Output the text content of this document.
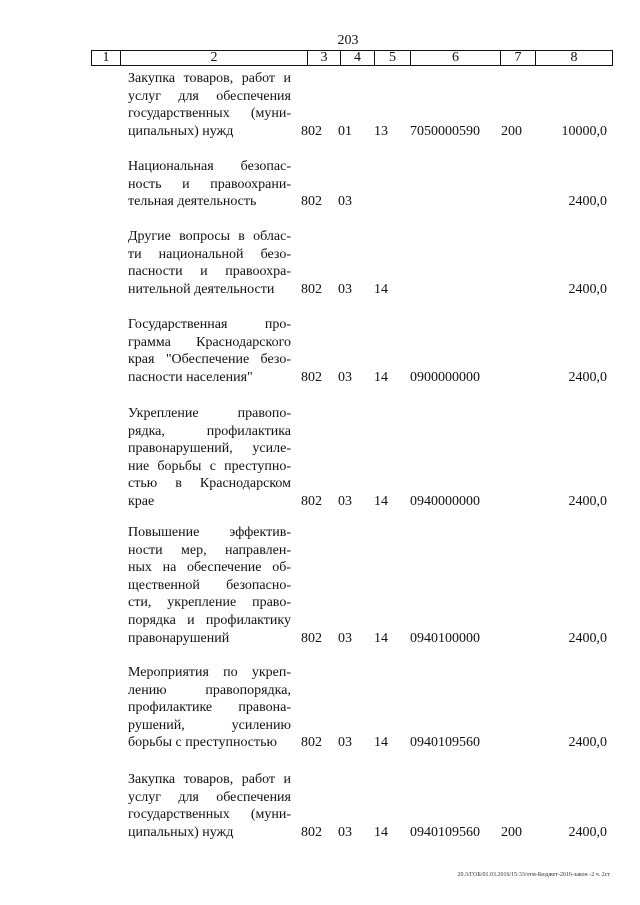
203
1	2	3	4	5	6	7	8
Закупка товаров, работ и
услуг для обеспечения
государственных (муни-
ципальных) нужд	802 01 13 7050000590 200	10000,0
Национальная безопас-
ность и правоохрани-
тельная деятельность	802 03	2400,0
Другие вопросы в облас-
ти национальной безо-
пасности и правоохра-
нительной деятельности	802 03 14	2400,0
Государственная про-
грамма Краснодарского
края "Обеспечение безо-
пасности населения"	802 03 14 0900000000	2400,0
Укрепление правопо-
рядка, профилактика
правонарушений, усиле-
ние борьбы с преступно-
стью в Краснодарском
крае	802 03 14 0940000000	2400,0
Повышение эффектив-
ности мер, направлен-
ных на обеспечение об-
щественной безопасно-
сти, укрепление право-
порядка и профилактику
правонарушений	802 03 14 0940100000	2400,0
Мероприятия по укреп-
лению правопорядка,
профилактике правона-
рушений, усилению
борьбы с преступностью	802 03 14 0940109560	2400,0
Закупка товаров, работ и
услуг для обеспечения
государственных (муни-
ципальных) нужд	802 03 14 0940109560 200	2400,0
20.3/ГОБ/01.03.2016/15:33/отм-Бюджет-2016-закон -2 ч. 2ст
